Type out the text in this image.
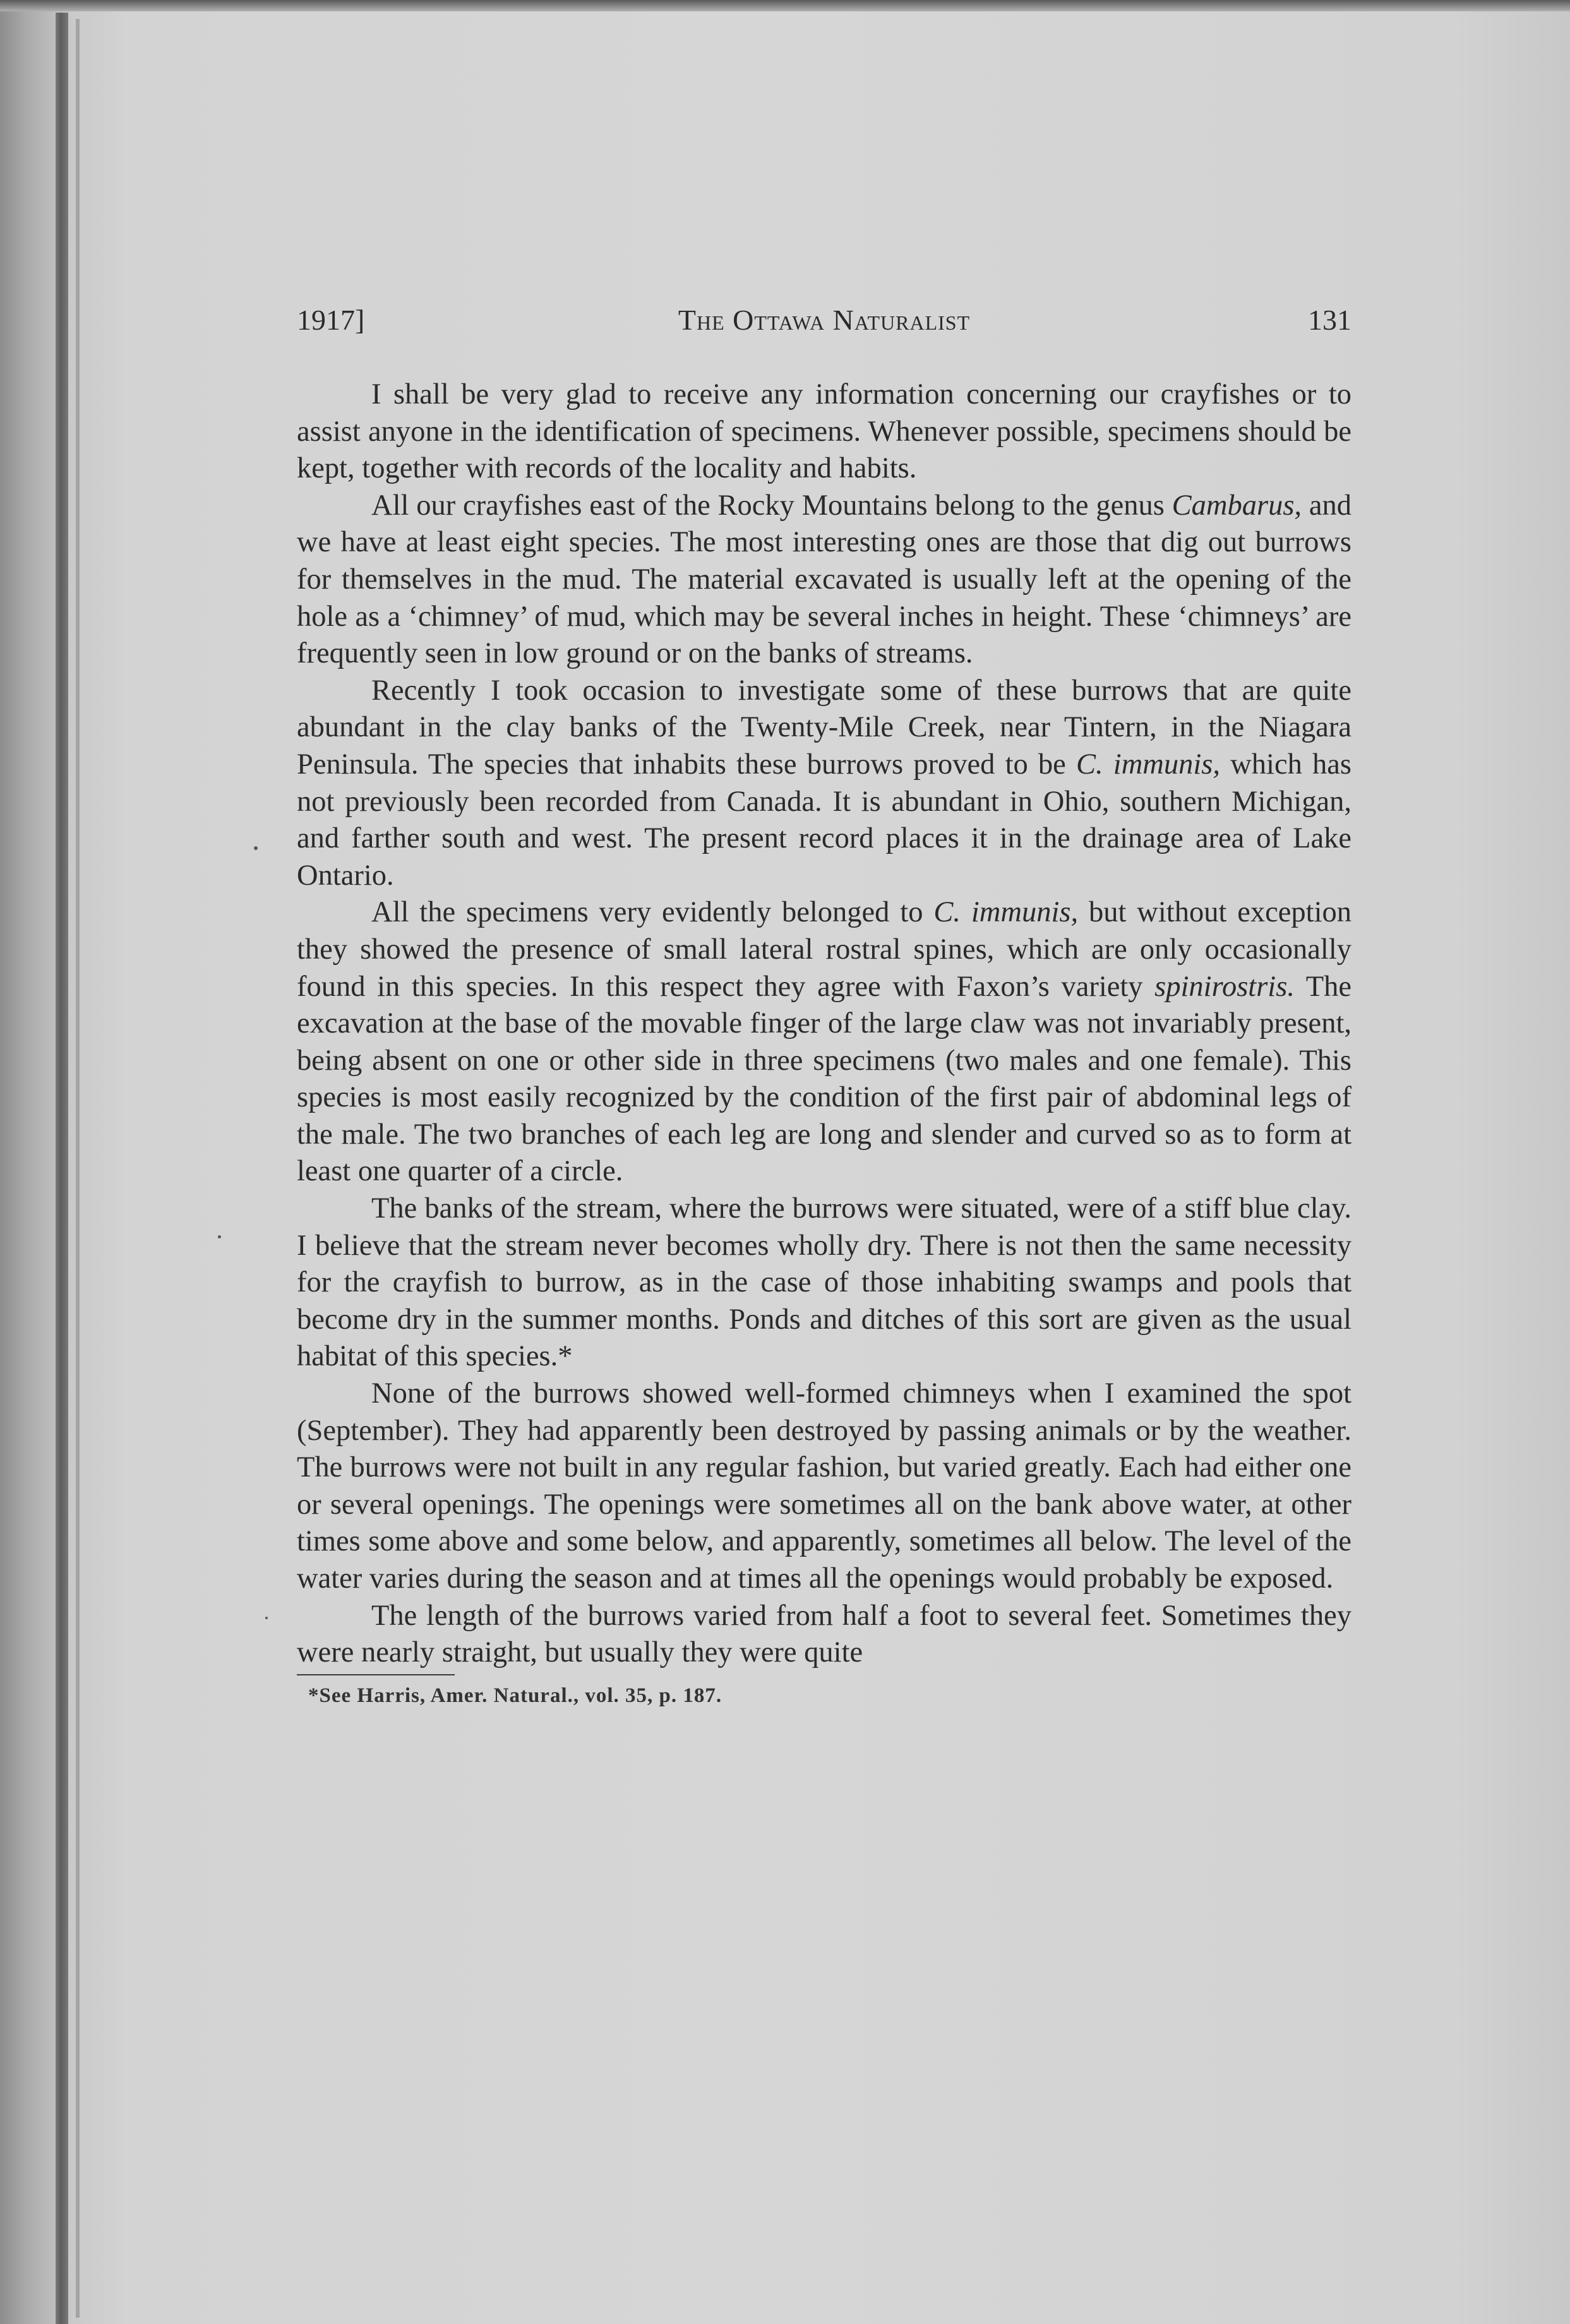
1917]	The Ottawa Naturalist	131

I shall be very glad to receive any information concerning our crayfishes or to assist anyone in the identification of specimens. Whenever possible, specimens should be kept, together with records of the locality and habits.

All our crayfishes east of the Rocky Mountains belong to the genus Cambarus, and we have at least eight species. The most interesting ones are those that dig out burrows for themselves in the mud. The material excavated is usually left at the opening of the hole as a ‘chimney’ of mud, which may be several inches in height. These ‘chimneys’ are frequently seen in low ground or on the banks of streams.

Recently I took occasion to investigate some of these burrows that are quite abundant in the clay banks of the Twenty-Mile Creek, near Tintern, in the Niagara Peninsula. The species that inhabits these burrows proved to be C. immunis, which has not previously been recorded from Canada. It is abundant in Ohio, southern Michigan, and farther south and west. The present record places it in the drainage area of Lake Ontario.

All the specimens very evidently belonged to C. immunis, but without exception they showed the presence of small lateral rostral spines, which are only occasionally found in this species. In this respect they agree with Faxon’s variety spinirostris. The excavation at the base of the movable finger of the large claw was not invariably present, being absent on one or other side in three specimens (two males and one female). This species is most easily recognized by the condition of the first pair of abdominal legs of the male. The two branches of each leg are long and slender and curved so as to form at least one quarter of a circle.

The banks of the stream, where the burrows were situated, were of a stiff blue clay. I believe that the stream never becomes wholly dry. There is not then the same necessity for the crayfish to burrow, as in the case of those inhabiting swamps and pools that become dry in the summer months. Ponds and ditches of this sort are given as the usual habitat of this species.*

None of the burrows showed well-formed chimneys when I examined the spot (September). They had apparently been destroyed by passing animals or by the weather. The burrows were not built in any regular fashion, but varied greatly. Each had either one or several openings. The openings were sometimes all on the bank above water, at other times some above and some below, and apparently, sometimes all below. The level of the water varies during the season and at times all the openings would probably be exposed.

The length of the burrows varied from half a foot to several feet. Sometimes they were nearly straight, but usually they were quite

*See Harris, Amer. Natural., vol. 35, p. 187.
